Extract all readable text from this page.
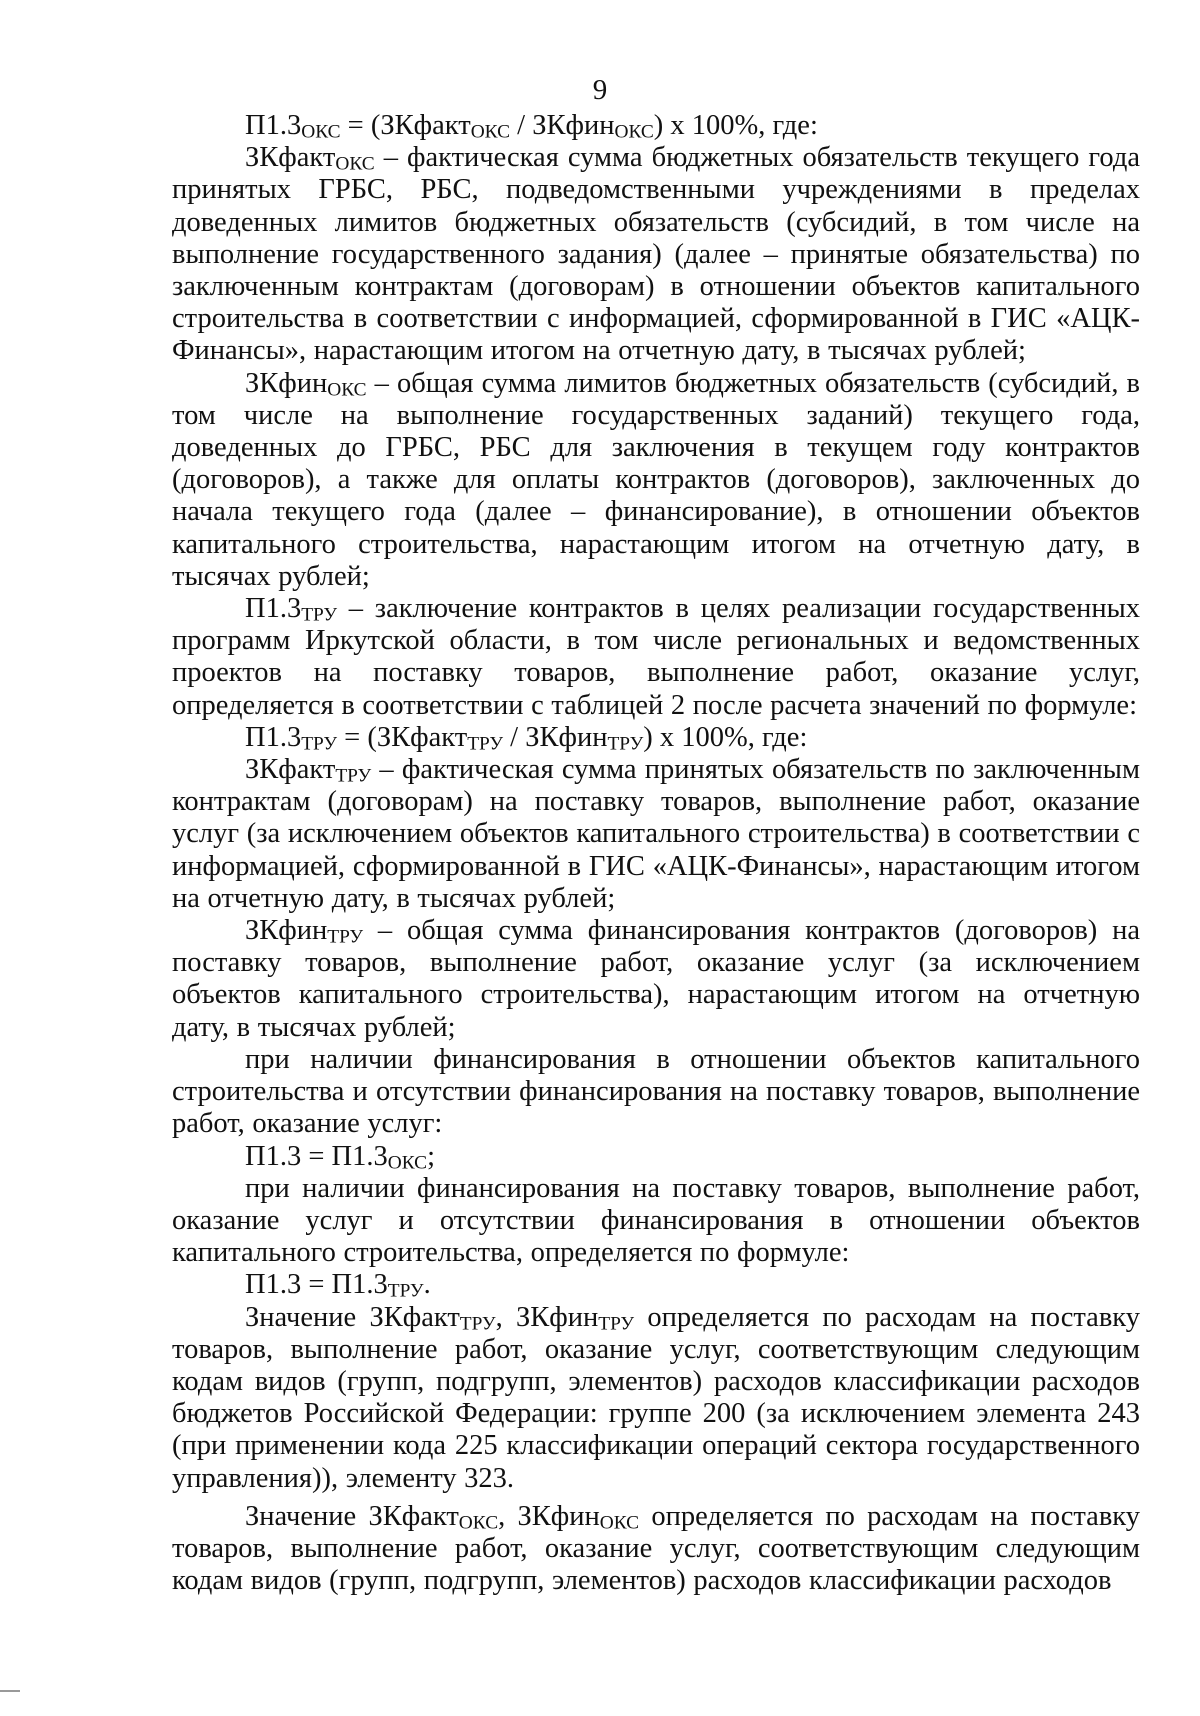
9

$П1.3_{ОКС}$ = (ЗКфакт$_{ОКС}$ / ЗКфин$_{ОКС}$) х 100%, где:

ЗКфакт$_{ОКС}$ – фактическая сумма бюджетных обязательств текущего года принятых ГРБС, РБС, подведомственными учреждениями в пределах доведенных лимитов бюджетных обязательств (субсидий, в том числе на выполнение государственного задания) (далее – принятые обязательства) по заключенным контрактам (договорам) в отношении объектов капитального строительства в соответствии с информацией, сформированной в ГИС «АЦК-Финансы», нарастающим итогом на отчетную дату, в тысячах рублей;

ЗКфин$_{ОКС}$ – общая сумма лимитов бюджетных обязательств (субсидий, в том числе на выполнение государственных заданий) текущего года, доведенных до ГРБС, РБС для заключения в текущем году контрактов (договоров), а также для оплаты контрактов (договоров), заключенных до начала текущего года (далее – финансирование), в отношении объектов капитального строительства, нарастающим итогом на отчетную дату, в тысячах рублей;

$П1.3_{ТРУ}$ – заключение контрактов в целях реализации государственных программ Иркутской области, в том числе региональных и ведомственных проектов на поставку товаров, выполнение работ, оказание услуг, определяется в соответствии с таблицей 2 после расчета значений по формуле:

$П1.3_{ТРУ}$ = (ЗКфакт$_{ТРУ}$ / ЗКфин$_{ТРУ}$) х 100%, где:

ЗКфакт$_{ТРУ}$ – фактическая сумма принятых обязательств по заключенным контрактам (договорам) на поставку товаров, выполнение работ, оказание услуг (за исключением объектов капитального строительства) в соответствии с информацией, сформированной в ГИС «АЦК-Финансы», нарастающим итогом на отчетную дату, в тысячах рублей;

ЗКфин$_{ТРУ}$ – общая сумма финансирования контрактов (договоров) на поставку товаров, выполнение работ, оказание услуг (за исключением объектов капитального строительства), нарастающим итогом на отчетную дату, в тысячах рублей;

при наличии финансирования в отношении объектов капитального строительства и отсутствии финансирования на поставку товаров, выполнение работ, оказание услуг:

$П1.3 = П1.3_{ОКС}$;

при наличии финансирования на поставку товаров, выполнение работ, оказание услуг и отсутствии финансирования в отношении объектов капитального строительства, определяется по формуле:

$П1.3 = П1.3_{ТРУ}$.

Значение ЗКфакт$_{ТРУ}$, ЗКфин$_{ТРУ}$ определяется по расходам на поставку товаров, выполнение работ, оказание услуг, соответствующим следующим кодам видов (групп, подгрупп, элементов) расходов классификации расходов бюджетов Российской Федерации: группе 200 (за исключением элемента 243 (при применении кода 225 классификации операций сектора государственного управления)), элементу 323.

Значение ЗКфакт$_{ОКС}$, ЗКфин$_{ОКС}$ определяется по расходам на поставку товаров, выполнение работ, оказание услуг, соответствующим следующим кодам видов (групп, подгрупп, элементов) расходов классификации расходов
